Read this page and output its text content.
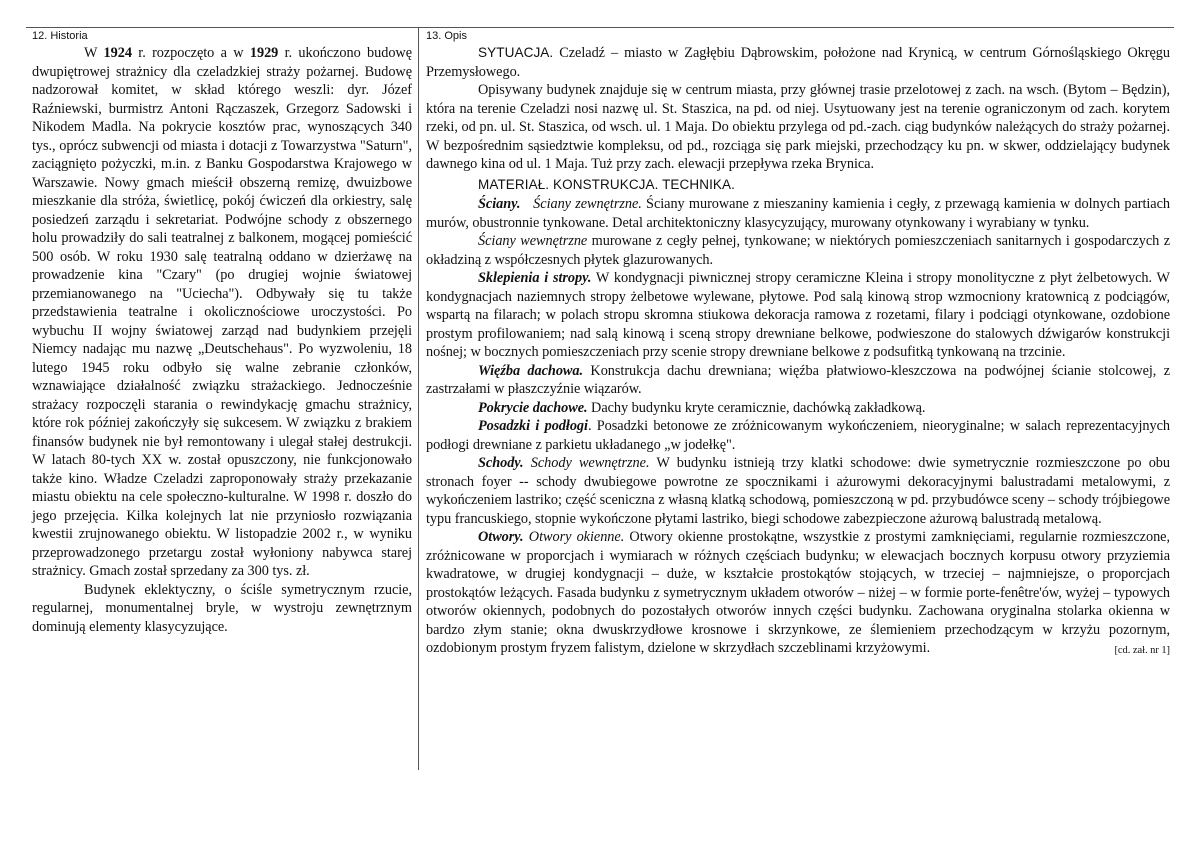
12. Historia

W 1924 r. rozpoczęto a w 1929 r. ukończono budowę dwupiętrowej strażnicy dla czeladzkiej straży pożarnej. Budowę nadzorował komitet, w skład którego weszli: dyr. Józef Raźniewski, burmistrz Antoni Rączaszek, Grzegorz Sadowski i Nikodem Madla. Na pokrycie kosztów prac, wynoszących 340 tys., oprócz subwencji od miasta i dotacji z Towarzystwa "Saturn", zaciągnięto pożyczki, m.in. z Banku Gospodarstwa Krajowego w Warszawie. Nowy gmach mieścił obszerną remizę, dwuizbowe mieszkanie dla stróża, świetlicę, pokój ćwiczeń dla orkiestry, salę posiedzeń zarządu i sekretariat. Podwójne schody z obszernego holu prowadziły do sali teatralnej z balkonem, mogącej pomieścić 500 osób. W roku 1930 salę teatralną oddano w dzierżawę na prowadzenie kina "Czary" (po drugiej wojnie światowej przemianowanego na "Uciecha"). Odbywały się tu także przedstawienia teatralne i okolicznościowe uroczystości. Po wybuchu II wojny światowej zarząd nad budynkiem przejęli Niemcy nadając mu nazwę „Deutschehaus". Po wyzwoleniu, 18 lutego 1945 roku odbyło się walne zebranie członków, wznawiające działalność związku strażackiego. Jednocześnie strażacy rozpoczęli starania o rewindykację gmachu strażnicy, które rok później zakończyły się sukcesem. W związku z brakiem finansów budynek nie był remontowany i ulegał stałej destrukcji. W latach 80-tych XX w. został opuszczony, nie funkcjonowało także kino. Władze Czeladzi zaproponowały straży przekazanie miastu obiektu na cele społeczno-kulturalne. W 1998 r. doszło do jego przejęcia. Kilka kolejnych lat nie przyniosło rozwiązania kwestii zrujnowanego obiektu. W listopadzie 2002 r., w wyniku przeprowadzonego przetargu został wyłoniony nabywca starej strażnicy. Gmach został sprzedany za 300 tys. zł.

Budynek eklektyczny, o ściśle symetrycznym rzucie, regularnej, monumentalnej bryle, w wystroju zewnętrznym dominują elementy klasycyzujące.

13. Opis

SYTUACJA. Czeladź – miasto w Zagłębiu Dąbrowskim, położone nad Krynicą, w centrum Górnośląskiego Okręgu Przemysłowego.

Opisywany budynek znajduje się w centrum miasta, przy głównej trasie przelotowej z zach. na wsch. (Bytom – Będzin), która na terenie Czeladzi nosi nazwę ul. St. Staszica, na pd. od niej. Usytuowany jest na terenie ograniczonym od zach. korytem rzeki, od pn. ul. St. Staszica, od wsch. ul. 1 Maja. Do obiektu przylega od pd.-zach. ciąg budynków należących do straży pożarnej. W bezpośrednim sąsiedztwie kompleksu, od pd., rozciąga się park miejski, przechodzący ku pn. w skwer, oddzielający budynek dawnego kina od ul. 1 Maja. Tuż przy zach. elewacji przepływa rzeka Brynica.

MATERIAŁ. KONSTRUKCJA. TECHNIKA.

Ściany. Ściany zewnętrzne. Ściany murowane z mieszaniny kamienia i cegły, z przewagą kamienia w dolnych partiach murów, obustronnie tynkowane. Detal architektoniczny klasycyzujący, murowany otynkowany i wyrabiany w tynku.

Ściany wewnętrzne murowane z cegły pełnej, tynkowane; w niektórych pomieszczeniach sanitarnych i gospodarczych z okładziną z współczesnych płytek glazurowanych.

Sklepienia i stropy. W kondygnacji piwnicznej stropy ceramiczne Kleina i stropy monolityczne z płyt żelbetowych. W kondygnacjach naziemnych stropy żelbetowe wylewane, płytowe. Pod salą kinową strop wzmocniony kratownicą z podciągów, wspartą na filarach; w polach stropu skromna stiukowa dekoracja ramowa z rozetami, filary i podciągi otynkowane, ozdobione prostym profilowaniem; nad salą kinową i sceną stropy drewniane belkowe, podwieszone do stalowych dźwigarów konstrukcji nośnej; w bocznych pomieszczeniach przy scenie stropy drewniane belkowe z podsufitką tynkowaną na trzcinie.

Więźba dachowa. Konstrukcja dachu drewniana; więźba płatwiowo-kleszczowa na podwójnej ścianie stolcowej, z zastrzałami w płaszczyźnie wiązarów.

Pokrycie dachowe. Dachy budynku kryte ceramicznie, dachówką zakładkową.

Posadzki i podłogi. Posadzki betonowe ze zróżnicowanym wykończeniem, nieoryginalne; w salach reprezentacyjnych podłogi drewniane z parkietu układanego „w jodełkę".

Schody. Schody wewnętrzne. W budynku istnieją trzy klatki schodowe: dwie symetrycznie rozmieszczone po obu stronach foyer -- schody dwubiegowe powrotne ze spocznikami i ażurowymi dekoracyjnymi balustradami metalowymi, z wykończeniem lastriko; część sceniczna z własną klatką schodową, pomieszczoną w pd. przybudówce sceny – schody trójbiegowe typu francuskiego, stopnie wykończone płytami lastriko, biegi schodowe zabezpieczone ażurową balustradą metalową.

Otwory. Otwory okienne. Otwory okienne prostokątne, wszystkie z prostymi zamknięciami, regularnie rozmieszczone, zróżnicowane w proporcjach i wymiarach w różnych częściach budynku; w elewacjach bocznych korpusu otwory przyziemia kwadratowe, w drugiej kondygnacji – duże, w kształcie prostokątów stojących, w trzeciej – najmniejsze, o proporcjach prostokątów leżących. Fasada budynku z symetrycznym układem otworów – niżej – w formie porte-fenêtre'ów, wyżej – typowych otworów okiennych, podobnych do pozostałych otworów innych części budynku. Zachowana oryginalna stolarka okienna w bardzo złym stanie; okna dwuskrzydłowe krosnowe i skrzynkowe, ze ślemieniem przechodzącym w krzyżu pozornym, ozdobionym prostym fryzem falistym, dzielone w skrzydłach szczeblinami krzyżowymi.	[cd. zał. nr 1]
